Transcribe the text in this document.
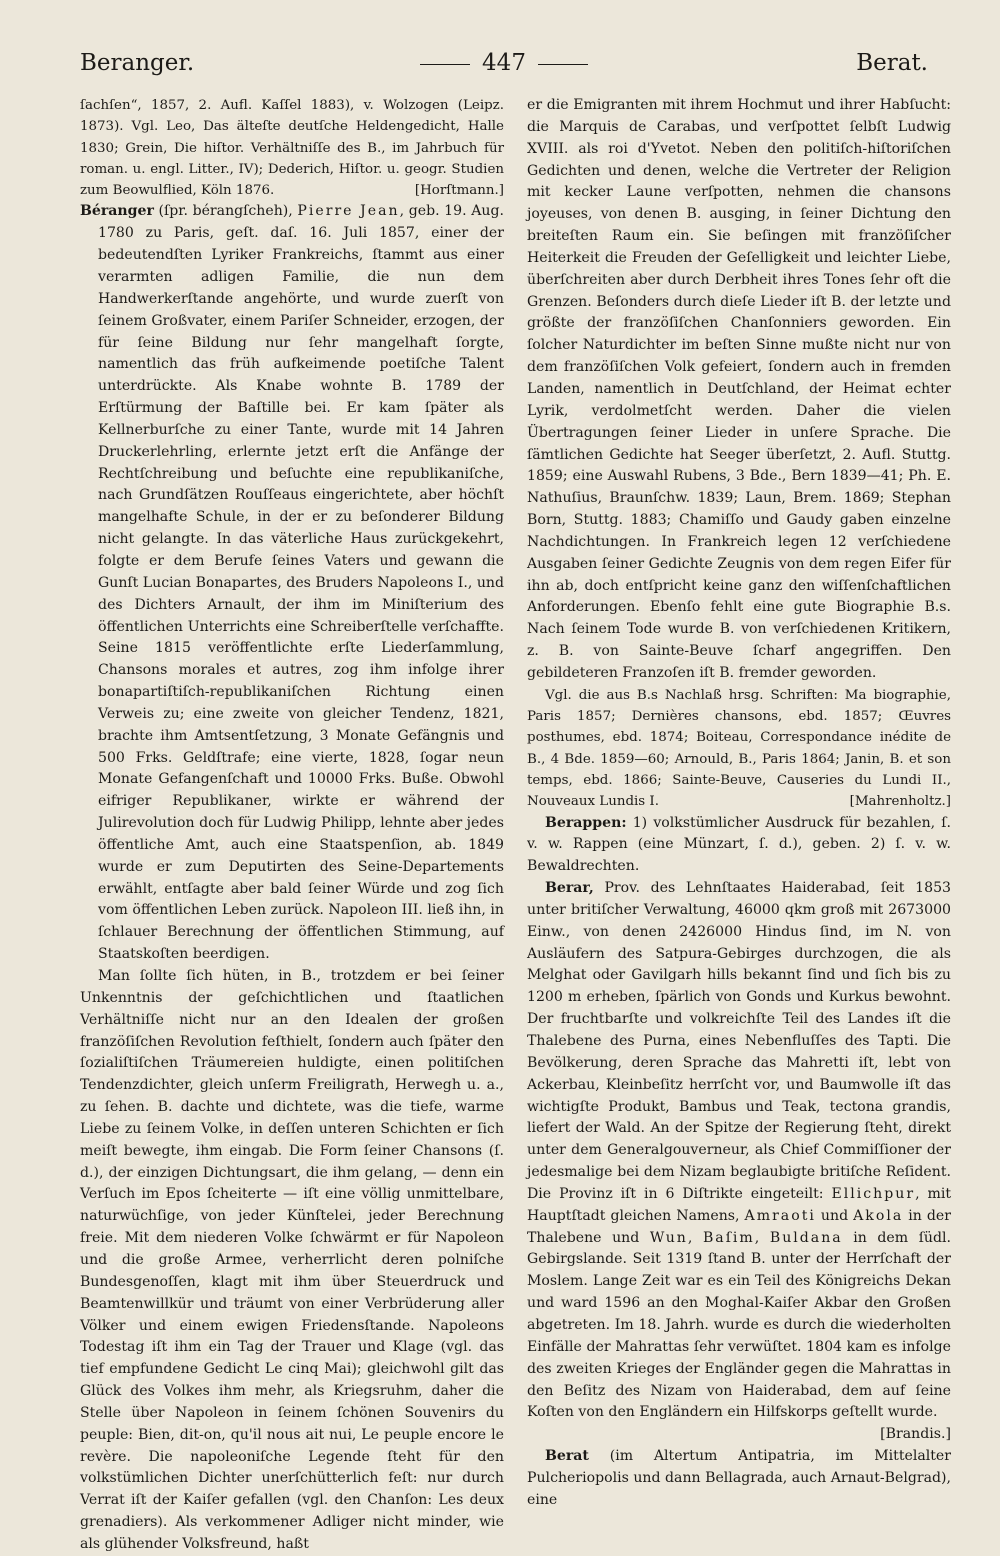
Beranger.	447	Berat.

ſachſen“, 1857, 2. Aufl. Kaſſel 1883), v. Wolzogen (Leipz. 1873). Vgl. Leo, Das älteſte deutſche Heldengedicht, Halle 1830; Grein, Die hiſtor. Verhältniſſe des B., im Jahrbuch für roman. u. engl. Litter., IV); Dederich, Hiſtor. u. geogr. Studien zum Beowulflied, Köln 1876.	[Horſtmann.]

Béranger (ſpr. bérangſcheh), Pierre Jean, geb. 19. Aug. 1780 zu Paris, geſt. daſ. 16. Juli 1857, einer der bedeutendſten Lyriker Frankreichs, ſtammt aus einer verarmten adligen Familie, die nun dem Handwerkerſtande angehörte, und wurde zuerſt von ſeinem Großvater, einem Pariſer Schneider, erzogen, der für ſeine Bildung nur ſehr mangelhaft ſorgte, namentlich das früh aufkeimende poetiſche Talent unterdrückte. Als Knabe wohnte B. 1789 der Erſtürmung der Baſtille bei. Er kam ſpäter als Kellnerburſche zu einer Tante, wurde mit 14 Jahren Druckerlehrling, erlernte jetzt erſt die Anfänge der Rechtſchreibung und beſuchte eine republikaniſche, nach Grundſätzen Rouſſeaus eingerichtete, aber höchſt mangelhafte Schule, in der er zu beſonderer Bildung nicht gelangte. In das väterliche Haus zurückgekehrt, folgte er dem Berufe ſeines Vaters und gewann die Gunſt Lucian Bonapartes, des Bruders Napoleons I., und des Dichters Arnault, der ihm im Miniſterium des öffentlichen Unterrichts eine Schreiberſtelle verſchaffte. Seine 1815 veröffentlichte erſte Liederſammlung, Chansons morales et autres, zog ihm infolge ihrer bonapartiſtiſch-republikaniſchen Richtung einen Verweis zu; eine zweite von gleicher Tendenz, 1821, brachte ihm Amtsentſetzung, 3 Monate Gefängnis und 500 Frks. Geldſtrafe; eine vierte, 1828, ſogar neun Monate Gefangenſchaft und 10000 Frks. Buße. Obwohl eifriger Republikaner, wirkte er während der Julirevolution doch für Ludwig Philipp, lehnte aber jedes öffentliche Amt, auch eine Staatspenſion, ab. 1849 wurde er zum Deputirten des Seine-Departements erwählt, entſagte aber bald ſeiner Würde und zog ſich vom öffentlichen Leben zurück. Napoleon III. ließ ihn, in ſchlauer Berechnung der öffentlichen Stimmung, auf Staatskoſten beerdigen.

Man ſollte ſich hüten, in B., trotzdem er bei ſeiner Unkenntnis der geſchichtlichen und ſtaatlichen Verhältniſſe nicht nur an den Idealen der großen franzöſiſchen Revolution feſthielt, ſondern auch ſpäter den ſozialiſtiſchen Träumereien huldigte, einen politiſchen Tendenzdichter, gleich unſerm Freiligrath, Herwegh u. a., zu ſehen. B. dachte und dichtete, was die tiefe, warme Liebe zu ſeinem Volke, in deſſen unteren Schichten er ſich meiſt bewegte, ihm eingab. Die Form ſeiner Chansons (ſ. d.), der einzigen Dichtungsart, die ihm gelang, — denn ein Verſuch im Epos ſcheiterte — iſt eine völlig unmittelbare, naturwüchſige, von jeder Künſtelei, jeder Berechnung freie. Mit dem niederen Volke ſchwärmt er für Napoleon und die große Armee, verherrlicht deren polniſche Bundesgenoſſen, klagt mit ihm über Steuerdruck und Beamtenwillkür und träumt von einer Verbrüderung aller Völker und einem ewigen Friedensſtande. Napoleons Todestag iſt ihm ein Tag der Trauer und Klage (vgl. das tief empfundene Gedicht Le cinq Mai); gleichwohl gilt das Glück des Volkes ihm mehr, als Kriegsruhm, daher die Stelle über Napoleon in ſeinem ſchönen Souvenirs du peuple: Bien, dit-on, qu'il nous ait nui, Le peuple encore le revère. Die napoleoniſche Legende ſteht für den volkstümlichen Dichter unerſchütterlich feſt: nur durch Verrat iſt der Kaiſer gefallen (vgl. den Chanſon: Les deux grenadiers). Als verkommener Adliger nicht minder, wie als glühender Volksfreund, haßt

er die Emigranten mit ihrem Hochmut und ihrer Habſucht: die Marquis de Carabas, und verſpottet ſelbſt Ludwig XVIII. als roi d'Yvetot. Neben den politiſch-hiſtoriſchen Gedichten und denen, welche die Vertreter der Religion mit kecker Laune verſpotten, nehmen die chansons joyeuses, von denen B. ausging, in ſeiner Dichtung den breiteſten Raum ein. Sie beſingen mit franzöſiſcher Heiterkeit die Freuden der Geſelligkeit und leichter Liebe, überſchreiten aber durch Derbheit ihres Tones ſehr oft die Grenzen. Beſonders durch dieſe Lieder iſt B. der letzte und größte der franzöſiſchen Chanſonniers geworden. Ein ſolcher Naturdichter im beſten Sinne mußte nicht nur von dem franzöſiſchen Volk gefeiert, ſondern auch in fremden Landen, namentlich in Deutſchland, der Heimat echter Lyrik, verdolmetſcht werden. Daher die vielen Übertragungen ſeiner Lieder in unſere Sprache. Die ſämtlichen Gedichte hat Seeger überſetzt, 2. Aufl. Stuttg. 1859; eine Auswahl Rubens, 3 Bde., Bern 1839—41; Ph. E. Nathuſius, Braunſchw. 1839; Laun, Brem. 1869; Stephan Born, Stuttg. 1883; Chamiſſo und Gaudy gaben einzelne Nachdichtungen. In Frankreich legen 12 verſchiedene Ausgaben ſeiner Gedichte Zeugnis von dem regen Eifer für ihn ab, doch entſpricht keine ganz den wiſſenſchaftlichen Anforderungen. Ebenſo fehlt eine gute Biographie B.s. Nach ſeinem Tode wurde B. von verſchiedenen Kritikern, z. B. von Sainte-Beuve ſcharf angegriffen. Den gebildeteren Franzoſen iſt B. fremder geworden.

Vgl. die aus B.s Nachlaß hrsg. Schriften: Ma biographie, Paris 1857; Dernières chansons, ebd. 1857; Œuvres posthumes, ebd. 1874; Boiteau, Correspondance inédite de B., 4 Bde. 1859—60; Arnould, B., Paris 1864; Janin, B. et son temps, ebd. 1866; Sainte-Beuve, Causeries du Lundi II., Nouveaux Lundis I.	[Mahrenholtz.]

Berappen: 1) volkstümlicher Ausdruck für bezahlen, ſ. v. w. Rappen (eine Münzart, ſ. d.), geben. 2) ſ. v. w. Bewaldrechten.

Berar, Prov. des Lehnſtaates Haiderabad, ſeit 1853 unter britiſcher Verwaltung, 46000 qkm groß mit 2673000 Einw., von denen 2426000 Hindus ſind, im N. von Ausläufern des Satpura-Gebirges durchzogen, die als Melghat oder Gavilgarh hills bekannt ſind und ſich bis zu 1200 m erheben, ſpärlich von Gonds und Kurkus bewohnt. Der fruchtbarſte und volkreichſte Teil des Landes iſt die Thalebene des Purna, eines Nebenfluſſes des Tapti. Die Bevölkerung, deren Sprache das Mahretti iſt, lebt von Ackerbau, Kleinbeſitz herrſcht vor, und Baumwolle iſt das wichtigſte Produkt, Bambus und Teak, tectona grandis, liefert der Wald. An der Spitze der Regierung ſteht, direkt unter dem Generalgouverneur, als Chief Commiſſioner der jedesmalige bei dem Nizam beglaubigte britiſche Reſident. Die Provinz iſt in 6 Diſtrikte eingeteilt: Ellichpur, mit Hauptſtadt gleichen Namens, Amraoti und Akola in der Thalebene und Wun, Baſim, Buldana in dem ſüdl. Gebirgslande. Seit 1319 ſtand B. unter der Herrſchaft der Moslem. Lange Zeit war es ein Teil des Königreichs Dekan und ward 1596 an den Moghal-Kaiſer Akbar den Großen abgetreten. Im 18. Jahrh. wurde es durch die wiederholten Einfälle der Mahrattas ſehr verwüſtet. 1804 kam es infolge des zweiten Krieges der Engländer gegen die Mahrattas in den Beſitz des Nizam von Haiderabad, dem auf ſeine Koſten von den Engländern ein Hilfskorps geſtellt wurde.
[Brandis.]

Berat (im Altertum Antipatria, im Mittelalter Pulcheriopolis und dann Bellagrada, auch Arnaut-Belgrad), eine
